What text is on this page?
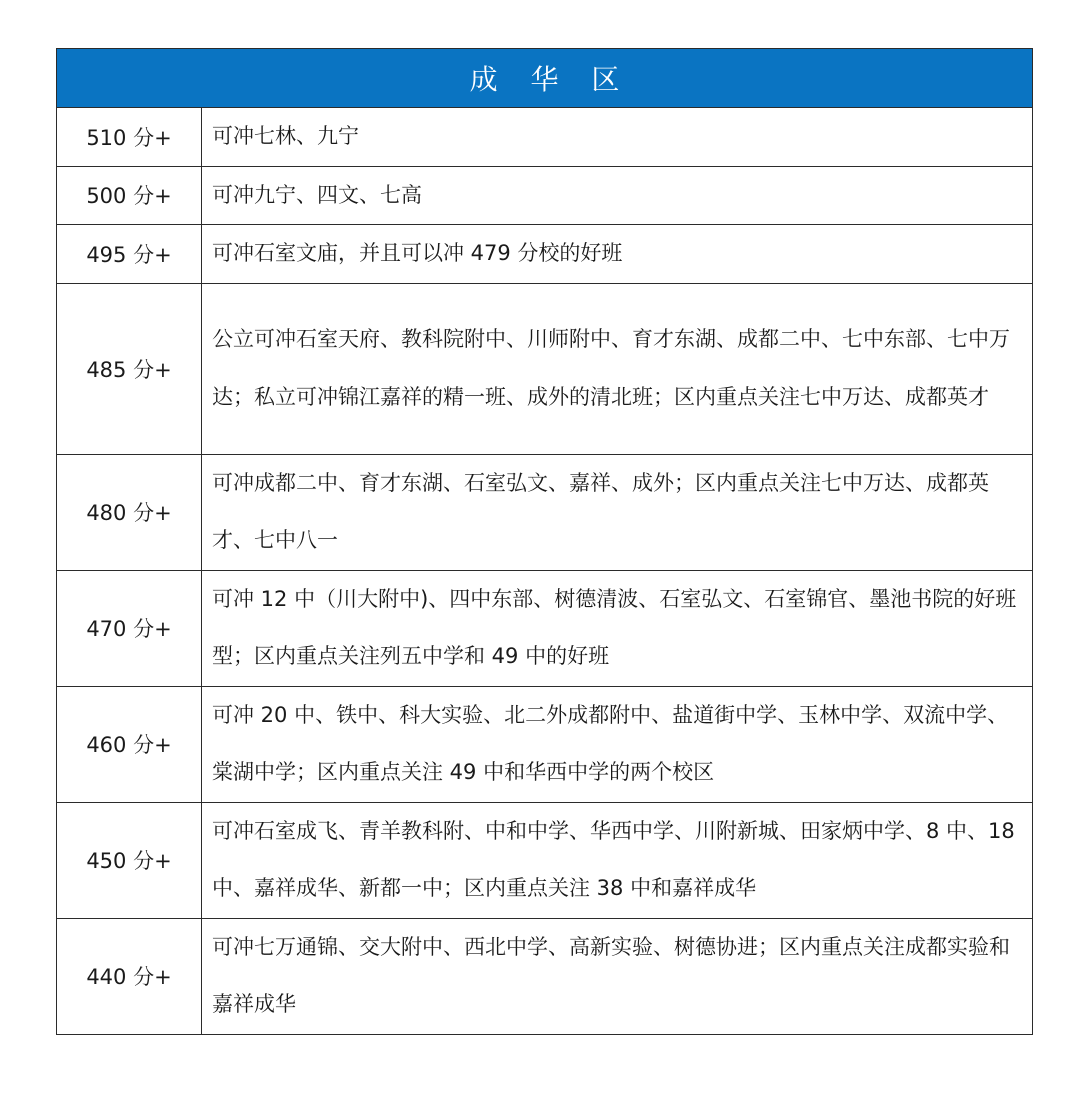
成 华 区	
510 分+	可冲七林、九宁
500 分+	可冲九宁、四文、七高
495 分+	可冲石室文庙，并且可以冲 479 分校的好班
485 分+	公立可冲石室天府、教科院附中、川师附中、育才东湖、成都二中、七中东部、七中万达；私立可冲锦江嘉祥的精一班、成外的清北班；区内重点关注七中万达、成都英才
480 分+	可冲成都二中、育才东湖、石室弘文、嘉祥、成外；区内重点关注七中万达、成都英才、七中八一
470 分+	可冲 12 中（川大附中)、四中东部、树德清波、石室弘文、石室锦官、墨池书院的好班型；区内重点关注列五中学和 49 中的好班
460 分+	可冲 20 中、铁中、科大实验、北二外成都附中、盐道街中学、玉林中学、双流中学、棠湖中学；区内重点关注 49 中和华西中学的两个校区
450 分+	可冲石室成飞、青羊教科附、中和中学、华西中学、川附新城、田家炳中学、8 中、18 中、嘉祥成华、新都一中；区内重点关注 38 中和嘉祥成华
440 分+	可冲七万通锦、交大附中、西北中学、高新实验、树德协进；区内重点关注成都实验和嘉祥成华
